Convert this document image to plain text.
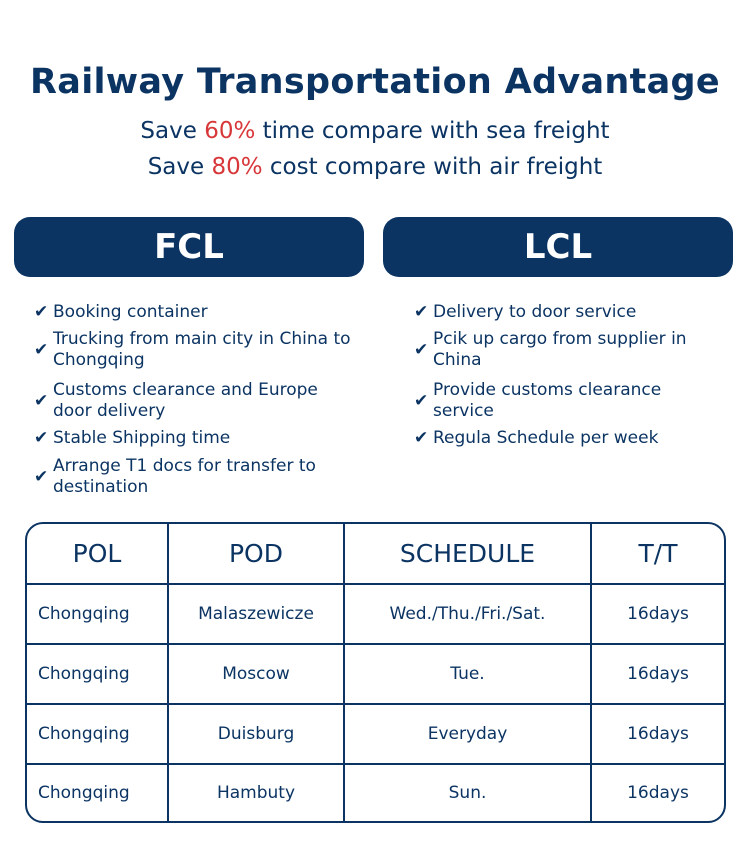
Railway Transportation Advantage
Save 60% time compare with sea freight
Save 80% cost compare with air freight
FCL	LCL
✔ Booking container
✔
Trucking from main city in China to Chongqing
✔
Customs clearance and Europe door delivery
✔ Stable Shipping time
✔
Arrange T1 docs for transfer to destination
✔ Delivery to door service
✔
Pcik up cargo from supplier in China
✔
Provide customs clearance service
✔ Regula Schedule per week
POL	POD	SCHEDULE	T/T
Chongqing	Malaszewicze	Wed./Thu./Fri./Sat.	16days
Chongqing	Moscow	Tue.	16days
Chongqing	Duisburg	Everyday	16days
Chongqing	Hambuty	Sun.	16days
